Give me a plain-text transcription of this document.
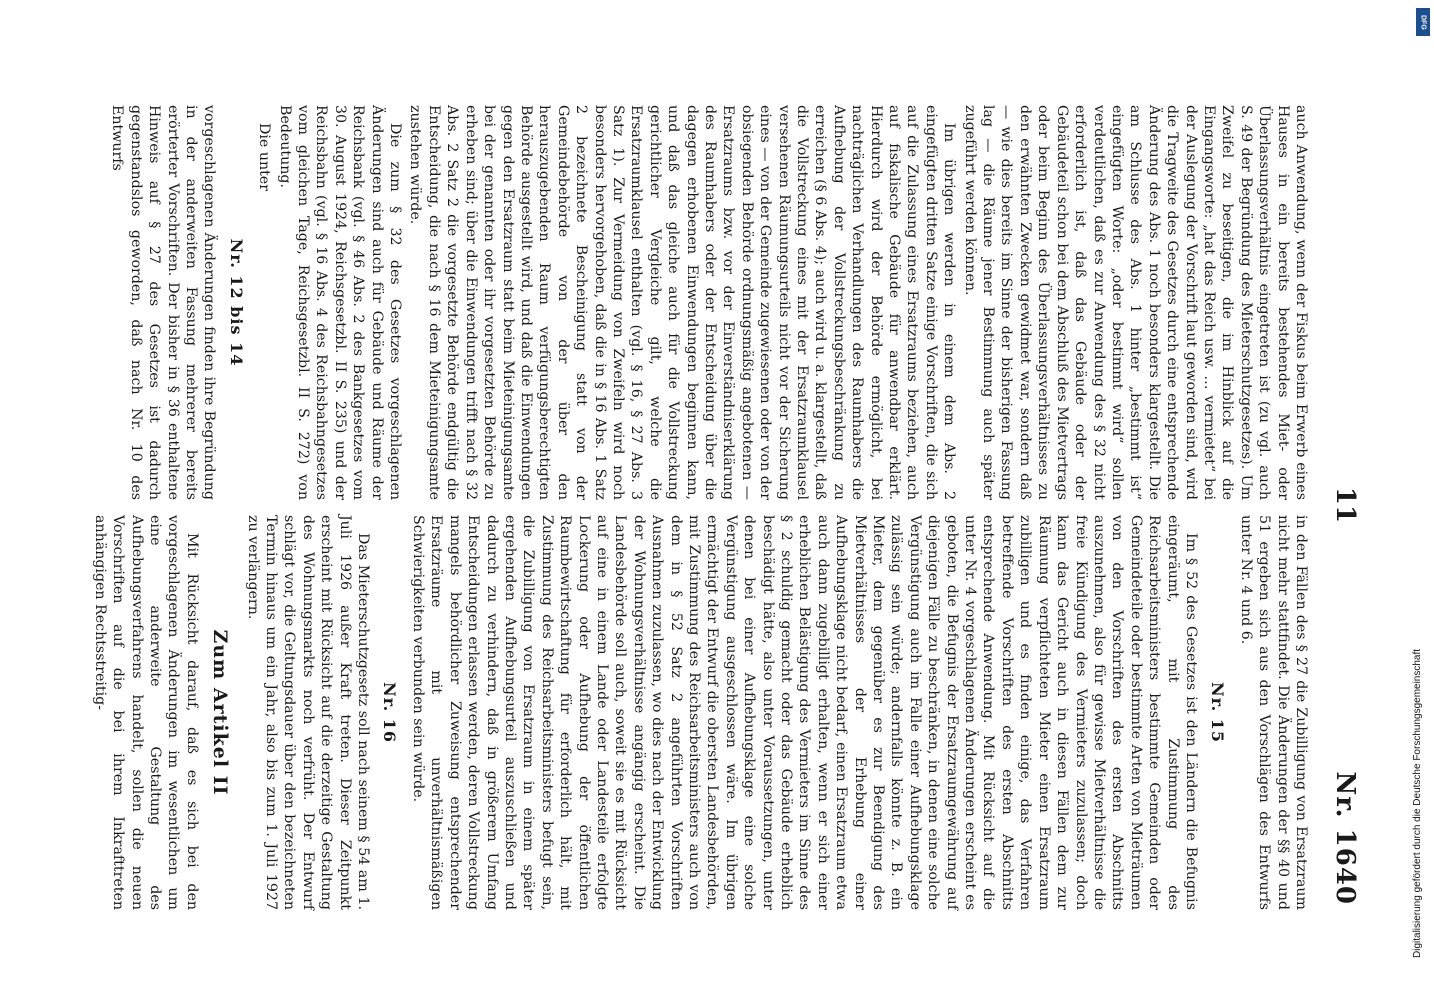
11
Nr. 1640

auch Anwendung, wenn der Fiskus beim Erwerb eines Hauses in ein bereits bestehendes Miet- oder Überlassungsverhältnis eingetreten ist (zu vgl. auch S. 49 der Begründung des Mieterschutzgesetzes). Um Zweifel zu beseitigen, die im Hinblick auf die Eingangsworte: „hat das Reich usw. … vermietet“ bei der Auslegung der Vorschrift laut geworden sind, wird die Tragweite des Gesetzes durch eine entsprechende Änderung des Abs. 1 noch besonders klargestellt. Die am Schlusse des Abs. 1 hinter „bestimmt ist“ eingefügten Worte: „oder bestimmt wird“ sollen verdeutlichen, daß es zur Anwendung des § 32 nicht erforderlich ist, daß das Gebäude oder der Gebäudeteil schon bei dem Abschluß des Mietvertrags oder beim Beginn des Überlassungsverhältnisses zu den erwähnten Zwecken gewidmet war, sondern daß — wie dies bereits im Sinne der bisherigen Fassung lag — die Räume jener Bestimmung auch später zugeführt werden können.

Im übrigen werden in einem dem Abs. 2 eingefügten dritten Satze einige Vorschriften, die sich auf die Zulassung eines Ersatzraums beziehen, auch auf fiskalische Gebäude für anwendbar erklärt. Hierdurch wird der Behörde ermöglicht, bei nachträglichen Verhandlungen des Raumhabers die Aufhebung der Vollstreckungsbeschränkung zu erreichen (§ 6 Abs. 4); auch wird u. a. klargestellt, daß die Vollstreckung eines mit der Ersatzraumklausel versehenen Räumungsurteils nicht vor der Sicherung eines — von der Gemeinde zugewiesenen oder von der obsiegenden Behörde ordnungsmäßig angebotenen — Ersatzraums bzw. vor der Einverständniserklärung des Raumhabers oder der Entscheidung über die dagegen erhobenen Einwendungen beginnen kann, und daß das gleiche auch für die Vollstreckung gerichtlicher Vergleiche gilt, welche die Ersatzraumklausel enthalten (vgl. § 16, § 27 Abs. 3 Satz 1). Zur Vermeidung von Zweifeln wird noch besonders hervorgehoben, daß die in § 16 Abs. 1 Satz 2 bezeichnete Bescheinigung statt von der Gemeindebehörde von der über den herauszugebenden Raum verfügungsberechtigten Behörde ausgestellt wird, und daß die Einwendungen gegen den Ersatzraum statt beim Mieteinigungsamte bei der genannten oder ihr vorgesetzten Behörde zu erheben sind; über die Einwendungen trifft nach § 32 Abs. 2 Satz 2 die vorgesetzte Behörde endgültig die Entscheidung, die nach § 16 dem Mieteinigungsamte zustehen würde.

Die zum § 32 des Gesetzes vorgeschlagenen Änderungen sind auch für Gebäude und Räume der Reichsbank (vgl. § 46 Abs. 2 des Bankgesetzes vom 30. August 1924, Reichsgesetzbl. II S. 235) und der Reichsbahn (vgl. § 16 Abs. 4 des Reichsbahngesetzes vom gleichen Tage, Reichsgesetzbl. II S. 272) von Bedeutung.

Die unter

Nr. 12 bis 14

vorgeschlagenen Änderungen finden ihre Begründung in der anderweiten Fassung mehrerer bereits erörterter Vorschriften. Der bisher in § 36 enthaltene Hinweis auf § 27 des Gesetzes ist dadurch gegenstandslos geworden, daß nach Nr. 10 des Entwurfs

in den Fällen des § 27 die Zubilligung von Ersatzraum nicht mehr stattfindet. Die Änderungen der §§ 40 und 51 ergeben sich aus den Vorschlägen des Entwurfs unter Nr. 4 und 6.

Nr. 15

Im § 52 des Gesetzes ist den Ländern die Befugnis eingeräumt, mit Zustimmung des Reichsarbeitsministers bestimmte Gemeinden oder Gemeindeteile oder bestimmte Arten von Mieträumen von den Vorschriften des ersten Abschnitts auszunehmen, also für gewisse Mietverhältnisse die freie Kündigung des Vermieters zuzulassen; doch kann das Gericht auch in diesen Fällen dem zur Räumung verpflichteten Mieter einen Ersatzraum zubilligen und es finden einige, das Verfahren betreffende Vorschriften des ersten Abschnitts entsprechende Anwendung. Mit Rücksicht auf die unter Nr. 4 vorgeschlagenen Änderungen erscheint es geboten, die Befugnis der Ersatzraumgewährung auf diejenigen Fälle zu beschränken, in denen eine solche Vergünstigung auch im Falle einer Aufhebungsklage zulässig sein würde; andernfalls könnte z. B. ein Mieter, dem gegenüber es zur Beendigung des Mietverhältnisses der Erhebung einer Aufhebungsklage nicht bedarf, einen Ersatzraum etwa auch dann zugebilligt erhalten, wenn er sich einer erheblichen Belästigung des Vermieters im Sinne des § 2 schuldig gemacht oder das Gebäude erheblich beschädigt hätte, also unter Voraussetzungen, unter denen bei einer Aufhebungsklage eine solche Vergünstigung ausgeschlossen wäre. Im übrigen ermächtigt der Entwurf die obersten Landesbehörden, mit Zustimmung des Reichsarbeitsministers auch von dem in § 52 Satz 2 angeführten Vorschriften Ausnahmen zuzulassen, wo dies nach der Entwicklung der Wohnungsverhältnisse angängig erscheint. Die Landesbehörde soll auch, soweit sie es mit Rücksicht auf eine in einem Lande oder Landesteile erfolgte Lockerung oder Aufhebung der öffentlichen Raumbewirtschaftung für erforderlich hält, mit Zustimmung des Reichsarbeitsministers befugt sein, die Zubilligung von Ersatzraum in einem später ergehenden Aufhebungsurteil auszuschließen und dadurch zu verhindern, daß in größerem Umfang Entscheidungen erlassen werden, deren Vollstreckung mangels behördlicher Zuweisung entsprechender Ersatzräume mit unverhältnismäßigen Schwierigkeiten verbunden sein würde.

Nr. 16

Das Mieterschutzgesetz soll nach seinem § 54 am 1. Juli 1926 außer Kraft treten. Dieser Zeitpunkt erscheint mit Rücksicht auf die derzeitige Gestaltung des Wohnungsmarkts noch verfrüht. Der Entwurf schlägt vor, die Geltungsdauer über den bezeichneten Termin hinaus um ein Jahr, also bis zum 1. Juli 1927 zu verlängern.

Zum Artikel II

Mit Rücksicht darauf, daß es sich bei den vorgeschlagenen Änderungen im wesentlichen um eine anderweite Gestaltung des Aufhebungsverfahrens handelt, sollen die neuen Vorschriften auf die bei ihrem Inkrafttreten anhängigen Rechtsstreitig-

DFG
Digitalisierung gefördert durch die Deutsche Forschungsgemeinschaft
